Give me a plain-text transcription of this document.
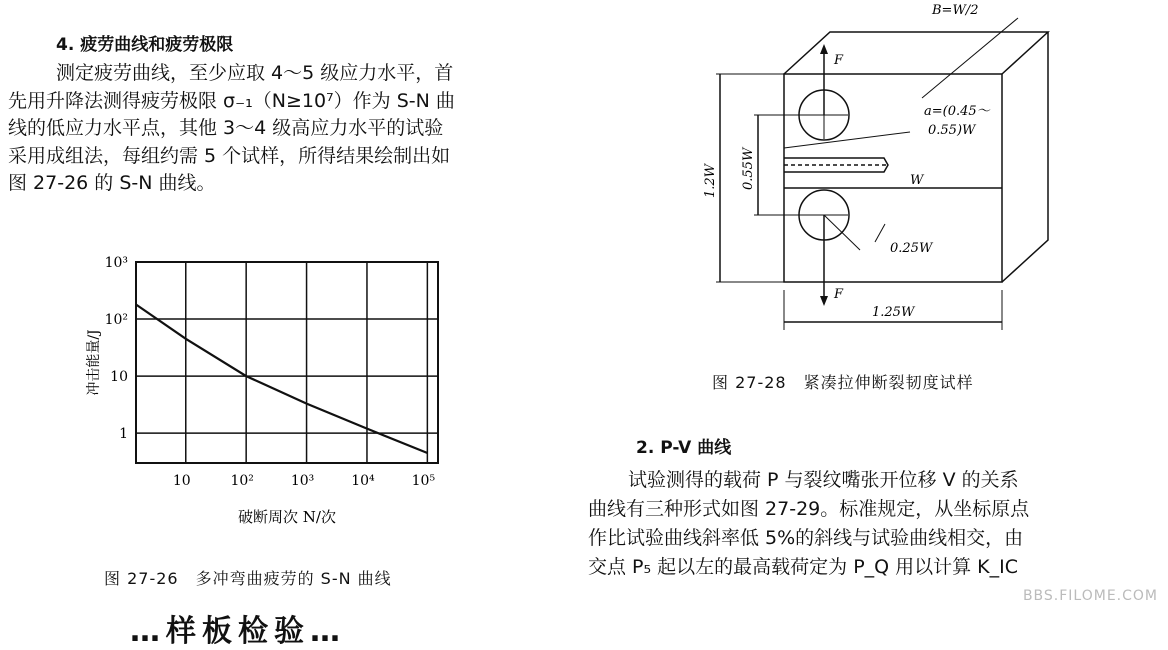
4. 疲劳曲线和疲劳极限
测定疲劳曲线，至少应取 4～5 级应力水平，首
先用升降法测得疲劳极限 σ₋₁（N≥10⁷）作为 S-N 曲
线的低应力水平点，其他 3～4 级高应力水平的试验
采用成组法，每组约需 5 个试样，所得结果绘制出如
图 27-26 的 S-N 曲线。
10	10²	10³	10⁴	10⁵
1
10
10²
10³
冲击能量/J
破断周次 N/次
图 27-26　多冲弯曲疲劳的 S-N 曲线
…样板检验…
B=W/2
F
F
a=(0.45～
0.55)W
W
0.25W
1.25W
1.2W 0.55W
图 27-28　紧凑拉伸断裂韧度试样
2. P-V 曲线
试验测得的载荷 P 与裂纹嘴张开位移 V 的关系
曲线有三种形式如图 27-29。标准规定，从坐标原点
作比试验曲线斜率低 5%的斜线与试验曲线相交，由
交点 P₅ 起以左的最高载荷定为 P_Q 用以计算 K_IC
BBS.FILOME.COM
